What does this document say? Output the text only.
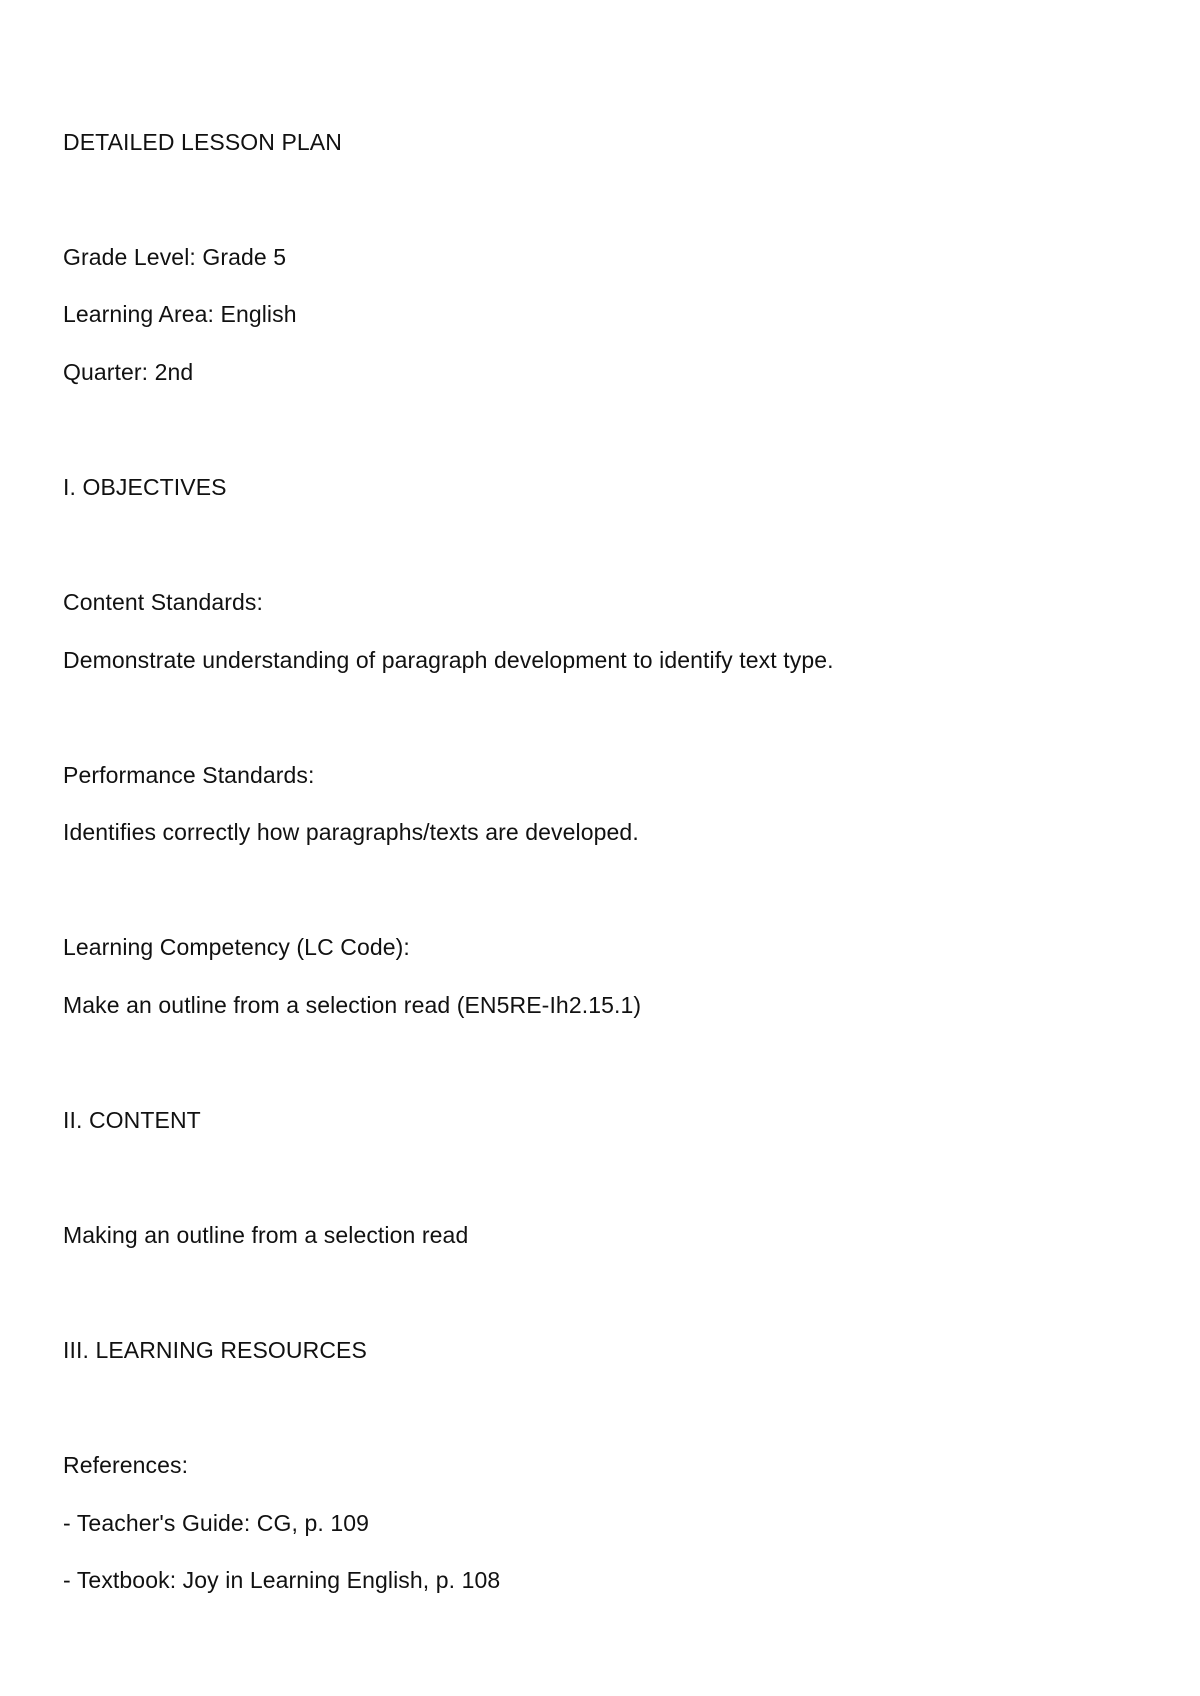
DETAILED LESSON PLAN
Grade Level: Grade 5
Learning Area: English
Quarter: 2nd
I. OBJECTIVES
Content Standards:
Demonstrate understanding of paragraph development to identify text type.
Performance Standards:
Identifies correctly how paragraphs/texts are developed.
Learning Competency (LC Code):
Make an outline from a selection read (EN5RE-Ih2.15.1)
II. CONTENT
Making an outline from a selection read
III. LEARNING RESOURCES
References:
- Teacher's Guide: CG, p. 109
- Textbook: Joy in Learning English, p. 108
